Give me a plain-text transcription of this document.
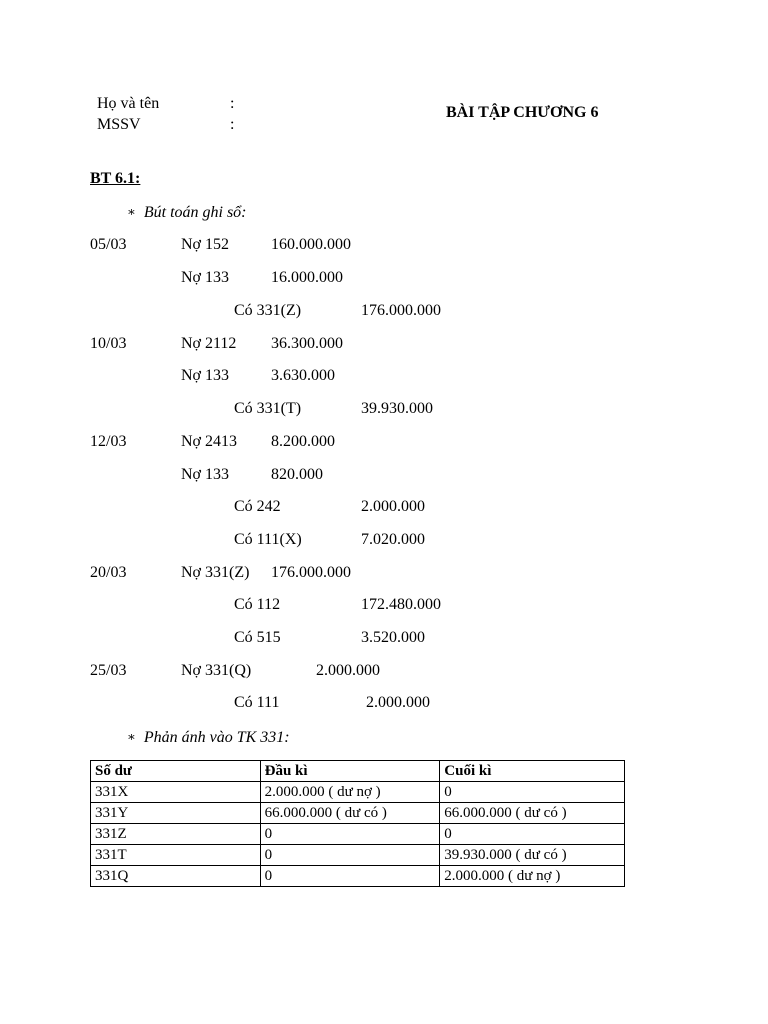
Họ và tên	:
MSSV	:
BÀI TẬP CHƯƠNG 6
BT 6.1:
∗ Bút toán ghi sổ:
05/03	Nợ 152	160.000.000
Nợ 133	16.000.000
Có 331(Z)	176.000.000
10/03	Nợ 2112 36.300.000
Nợ 133	3.630.000
Có 331(T)	39.930.000
12/03	Nợ 2413 8.200.000
Nợ 133	820.000
Có 242	2.000.000
Có 111(X)	7.020.000
20/03	Nợ 331(Z) 176.000.000
Có 112	172.480.000
Có 515	3.520.000
25/03	Nợ 331(Q)	2.000.000
Có 111	2.000.000
∗ Phản ánh vào TK 331:
Số dư	Đầu kì	Cuối kì
331X	2.000.000 ( dư nợ )	0
331Y	66.000.000 ( dư có )	66.000.000 ( dư có )
331Z	0	0
331T	0	39.930.000 ( dư có )
331Q	0	2.000.000 ( dư nợ )
